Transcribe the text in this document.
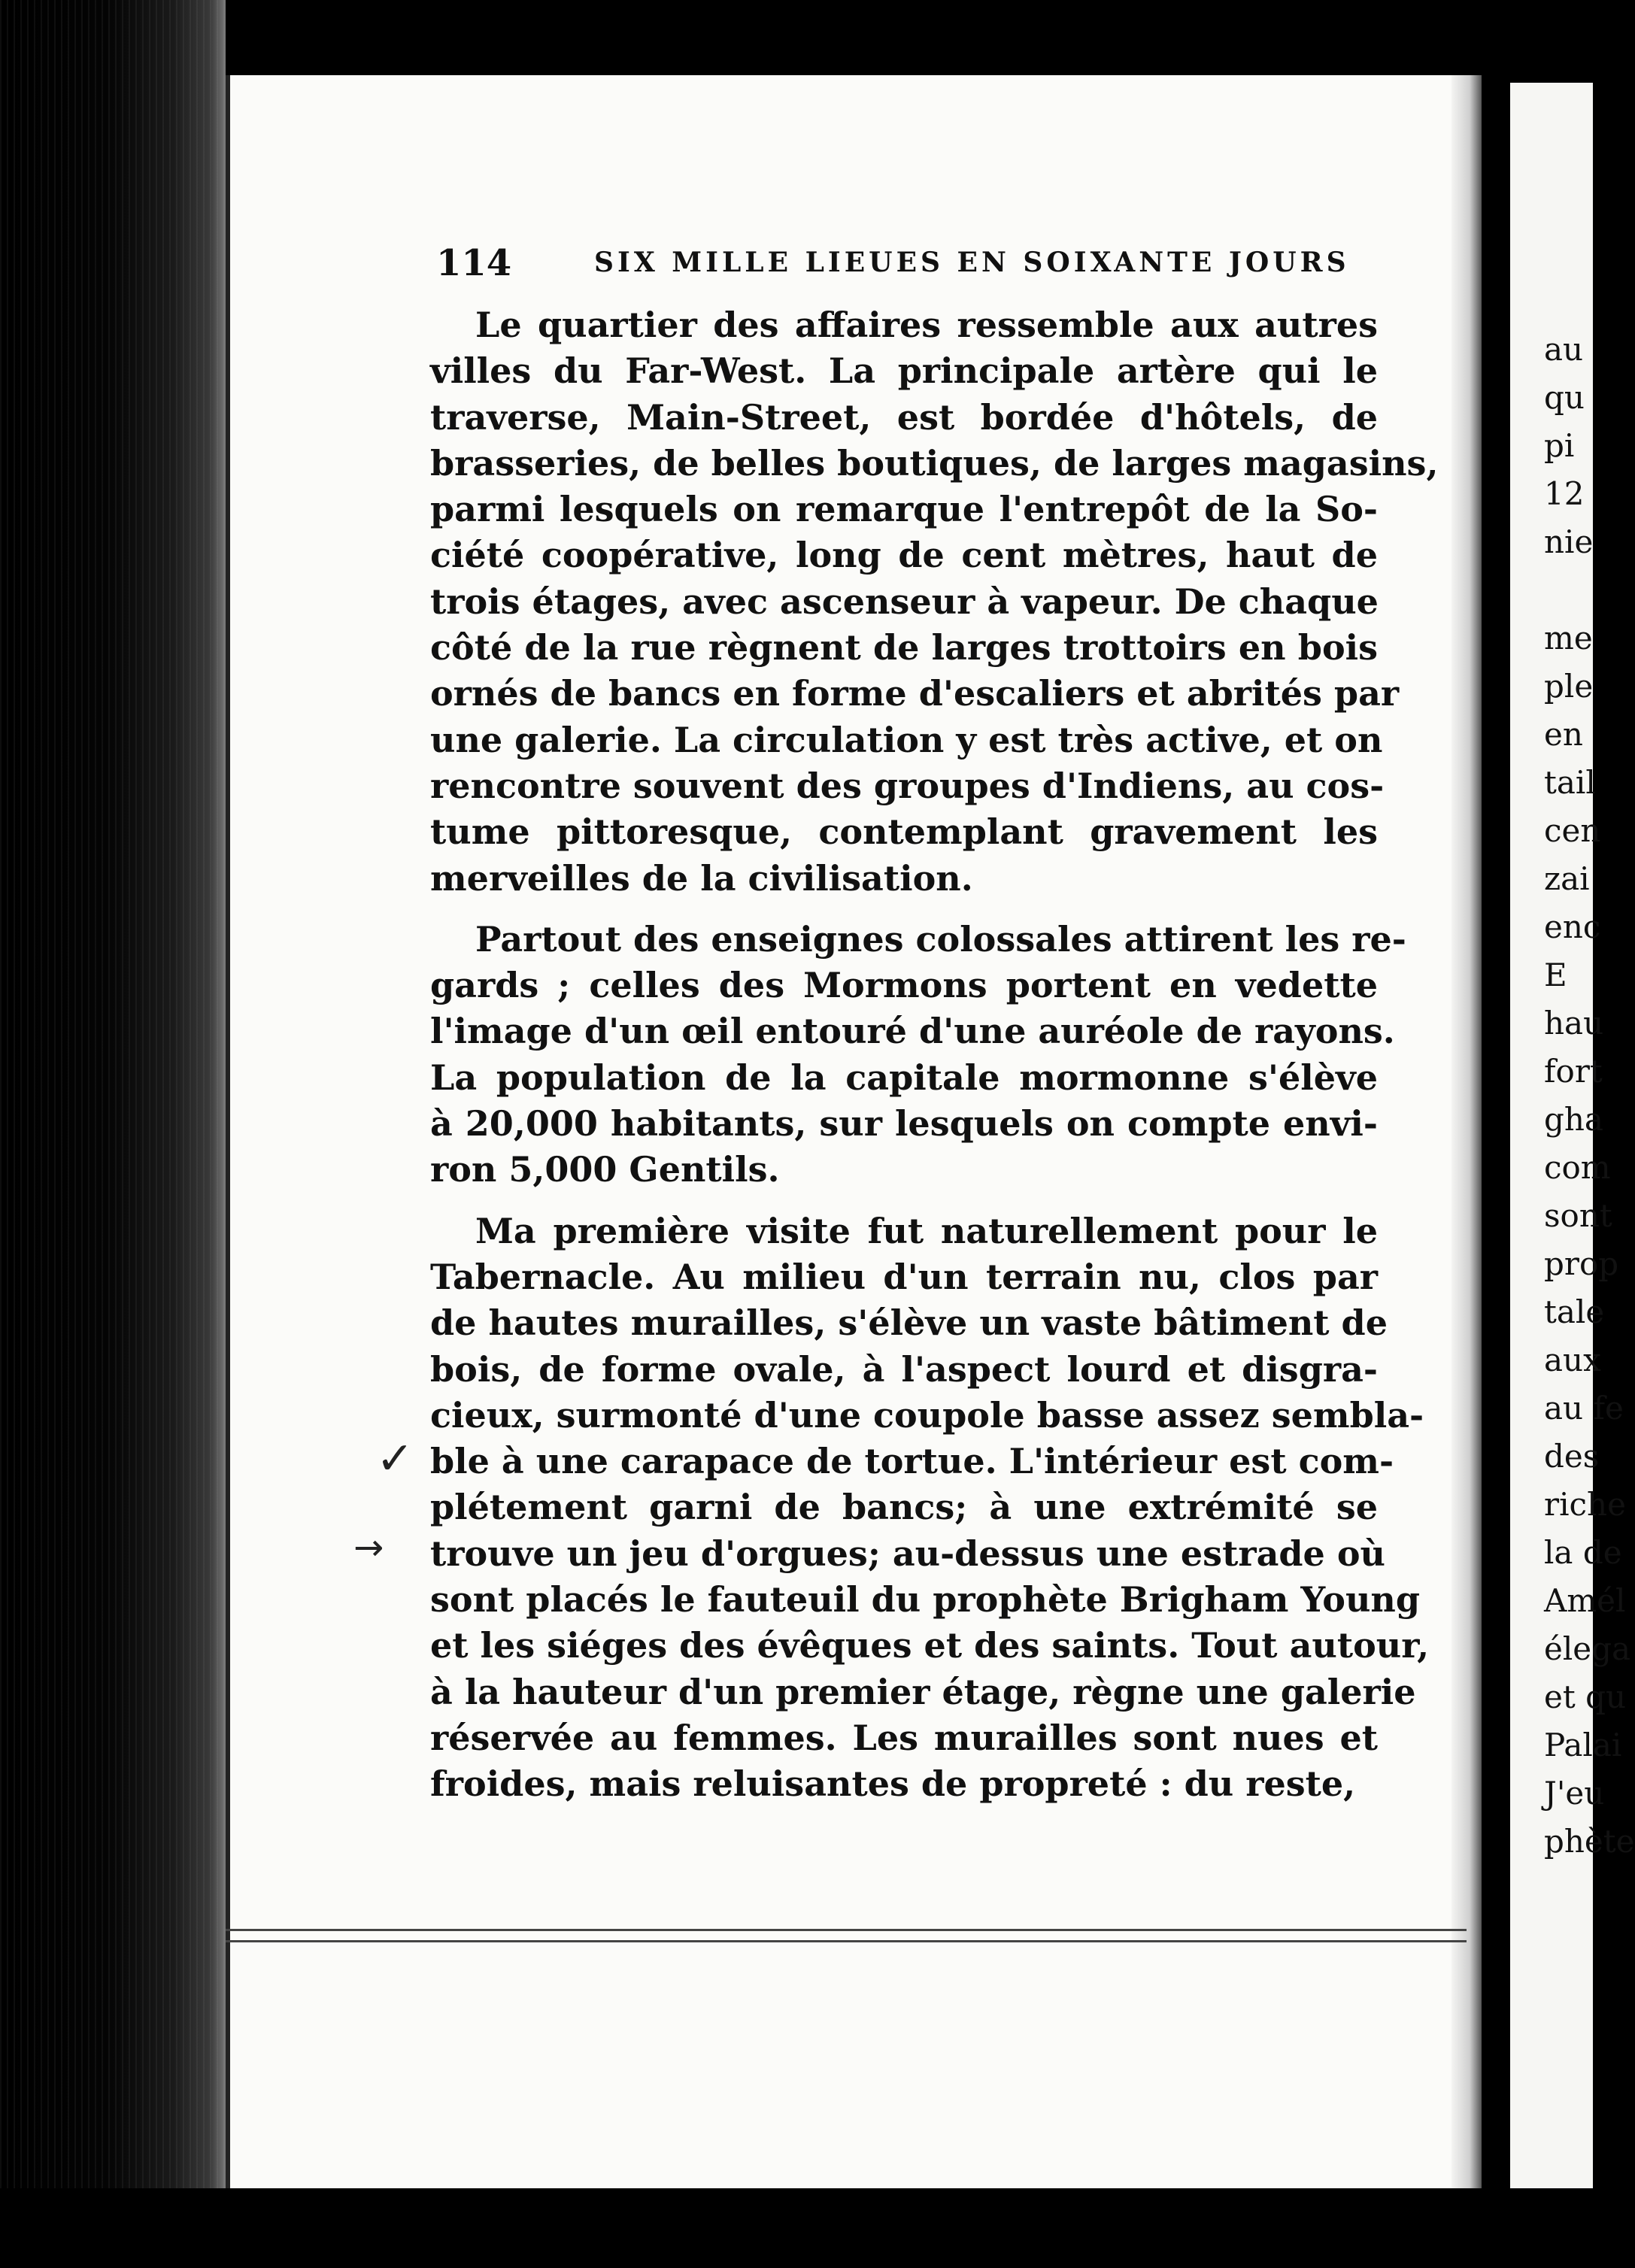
au
qu
pi
12
nie
me
ple
en
tail
cen
zai
enc
E
hau
fort
gha
com
sont
prop
tale
aux
au fe
des
riche
la de
Amél
élega
et qu
Palai
J'eu
phète
114	SIX MILLE LIEUES EN SOIXANTE JOURS
Le quartier des affaires ressemble aux autres
villes du Far-West. La principale artère qui le
traverse, Main-Street, est bordée d'hôtels, de
brasseries, de belles boutiques, de larges magasins,
parmi lesquels on remarque l'entrepôt de la So-
ciété coopérative, long de cent mètres, haut de
trois étages, avec ascenseur à vapeur. De chaque
côté de la rue règnent de larges trottoirs en bois
ornés de bancs en forme d'escaliers et abrités par
une galerie. La circulation y est très active, et on
rencontre souvent des groupes d'Indiens, au cos-
tume pittoresque, contemplant gravement les
merveilles de la civilisation.
Partout des enseignes colossales attirent les re-
gards ; celles des Mormons portent en vedette
l'image d'un œil entouré d'une auréole de rayons.
La population de la capitale mormonne s'élève
à 20,000 habitants, sur lesquels on compte envi-
ron 5,000 Gentils.
Ma première visite fut naturellement pour le
Tabernacle. Au milieu d'un terrain nu, clos par
de hautes murailles, s'élève un vaste bâtiment de
bois, de forme ovale, à l'aspect lourd et disgra-
cieux, surmonté d'une coupole basse assez sembla-
ble à une carapace de tortue. L'intérieur est com-
plétement garni de bancs; à une extrémité se
trouve un jeu d'orgues; au-dessus une estrade où
sont placés le fauteuil du prophète Brigham Young
et les siéges des évêques et des saints. Tout autour,
à la hauteur d'un premier étage, règne une galerie
réservée au femmes. Les murailles sont nues et
froides, mais reluisantes de propreté : du reste,
✓
→
